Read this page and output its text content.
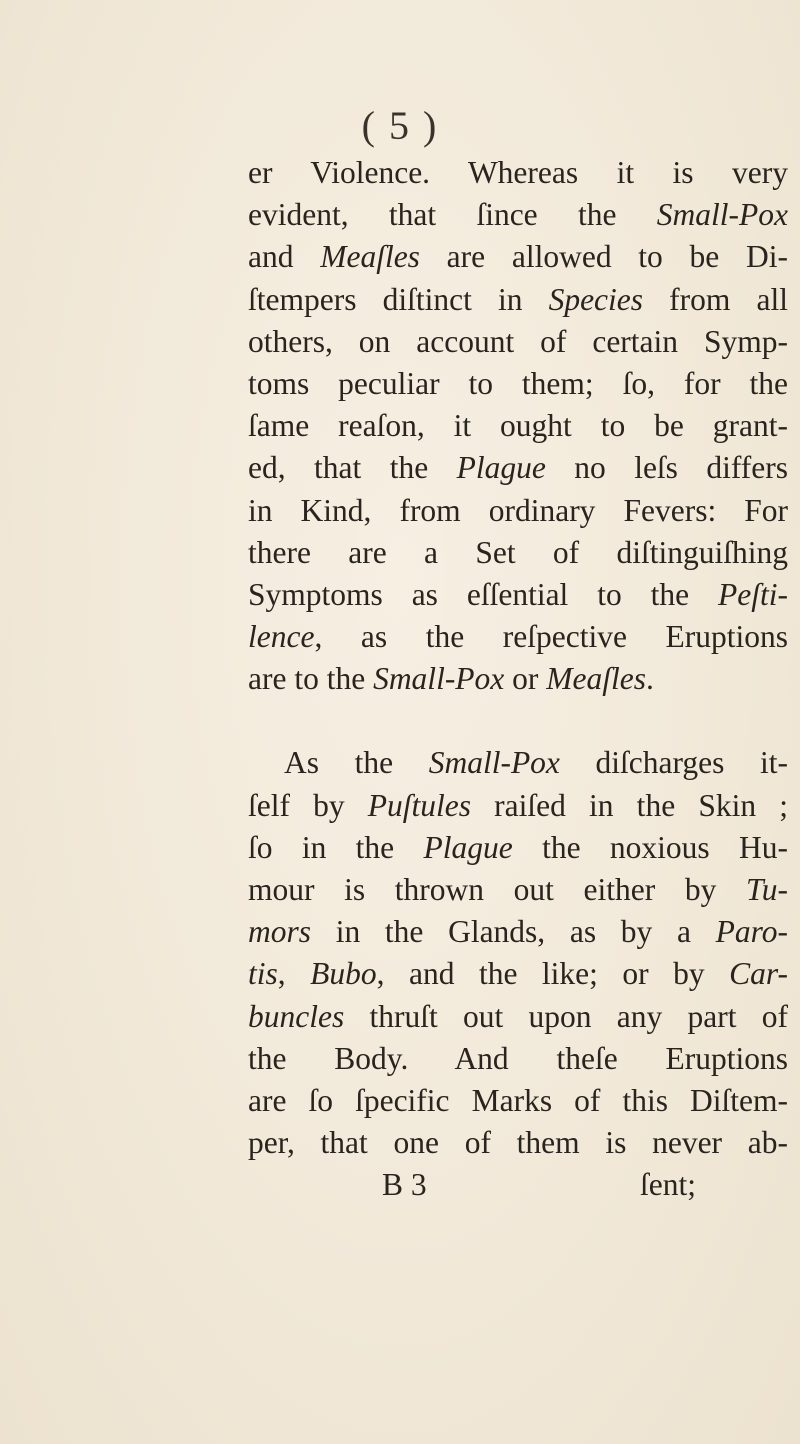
( 5 )
er Violence. Whereas it is very
evident, that ſince the Small-Pox
and Meaſles are allowed to be Di-
ſtempers diſtinct in Species from all
others, on account of certain Symp-
toms peculiar to them; ſo, for the
ſame reaſon, it ought to be grant-
ed, that the Plague no leſs differs
in Kind, from ordinary Fevers: For
there are a Set of diſtinguiſhing
Symptoms as eſſential to the Peſti-
lence, as the reſpective Eruptions
are to the Small-Pox or Meaſles.
As the Small-Pox diſcharges it-
ſelf by Puſtules raiſed in the Skin ;
ſo in the Plague the noxious Hu-
mour is thrown out either by Tu-
mors in the Glands, as by a Paro-
tis, Bubo, and the like; or by Car-
buncles thruſt out upon any part of
the Body. And theſe Eruptions
are ſo ſpecific Marks of this Diſtem-
per, that one of them is never ab-
B 3	ſent;
